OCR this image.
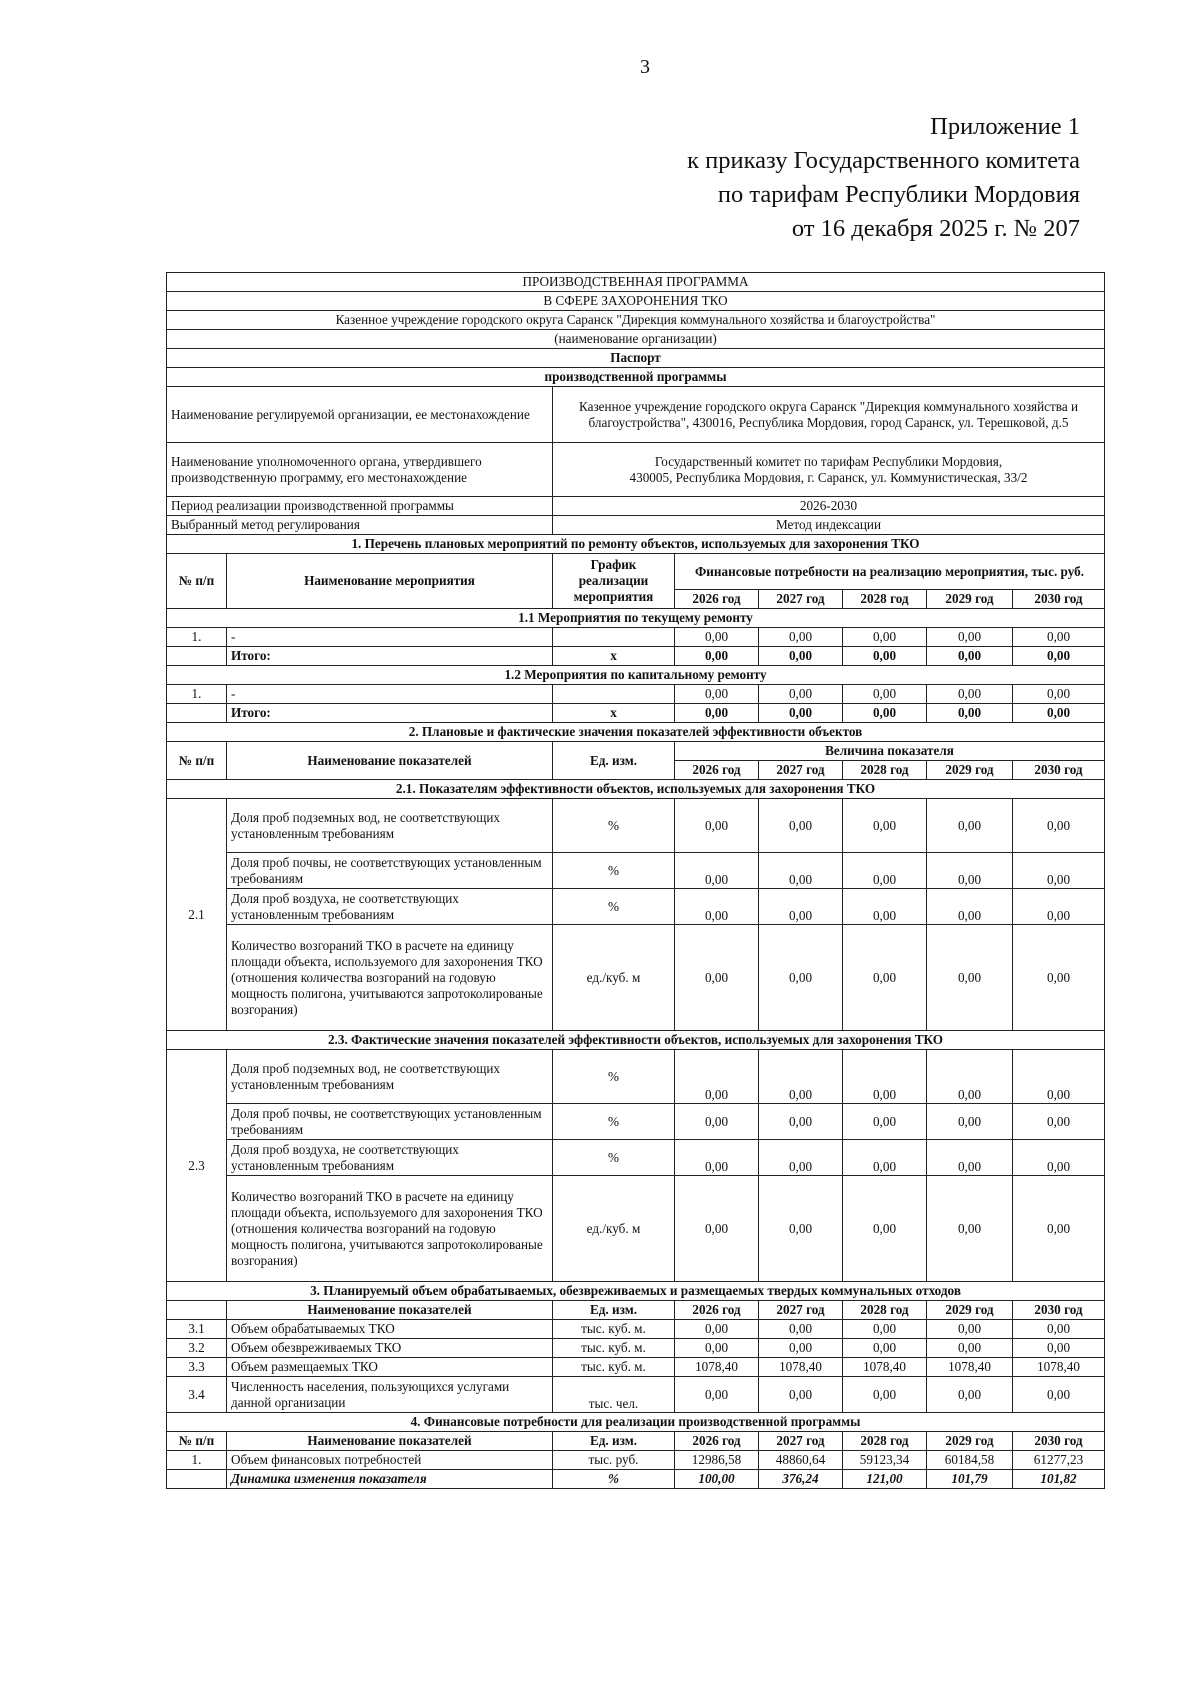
3
Приложение 1
к приказу Государственного комитета
по тарифам Республики Мордовия
от 16 декабря 2025 г. № 207
ПРОИЗВОДСТВЕННАЯ ПРОГРАММА							
В СФЕРЕ ЗАХОРОНЕНИЯ ТКО							
Казенное учреждение городского округа Саранск "Дирекция коммунального хозяйства и благоустройства"							
(наименование организации)							
Паспорт							
производственной программы							
Наименование регулируемой организации, ее местонахождение		Казенное учреждение городского округа Саранск "Дирекция коммунального хозяйства и благоустройства", 430016, Республика Мордовия, город Саранск, ул. Терешковой, д.5					
Наименование уполномоченного органа, утвердившего производственную программу, его местонахождение		Государственный комитет по тарифам Республики Мордовия,
430005, Республика Мордовия, г. Саранск, ул. Коммунистическая, 33/2					
Период реализации производственной программы		2026-2030					
Выбранный метод регулирования		Метод индексации					
1. Перечень плановых мероприятий по ремонту объектов, используемых для захоронения ТКО							
№ п/п	Наименование мероприятия	График реализации мероприятия	Финансовые потребности на реализацию мероприятия, тыс. руб.				
			2026 год	2027 год	2028 год	2029 год	2030 год
1.1 Мероприятия по текущему ремонту							
1.	-		0,00	0,00	0,00	0,00	0,00
	Итого:	х	0,00	0,00	0,00	0,00	0,00
1.2 Мероприятия по капитальному ремонту							
1.	-		0,00	0,00	0,00	0,00	0,00
	Итого:	х	0,00	0,00	0,00	0,00	0,00
2. Плановые и фактические значения показателей эффективности объектов							
№ п/п	Наименование показателей	Ед. изм.	Величина показателя				
			2026 год	2027 год	2028 год	2029 год	2030 год
2.1. Показателям эффективности объектов, используемых для захоронения ТКО							
2.1	Доля проб подземных вод, не соответствующих установленным требованиям	%	0,00	0,00	0,00	0,00	0,00
	Доля проб почвы, не соответствующих установленным требованиям	%	0,00	0,00	0,00	0,00	0,00
	Доля проб воздуха, не соответствующих установленным требованиям	%	0,00	0,00	0,00	0,00	0,00
	Количество возгораний ТКО в расчете на единицу площади объекта, используемого для захоронения ТКО (отношения количества возгораний на годовую мощность полигона, учитываются запротоколированые возгорания)	ед./куб. м	0,00	0,00	0,00	0,00	0,00
2.3. Фактические значения показателей эффективности объектов, используемых для захоронения ТКО							
2.3	Доля проб подземных вод, не соответствующих установленным требованиям	%	0,00	0,00	0,00	0,00	0,00
	Доля проб почвы, не соответствующих установленным требованиям	%	0,00	0,00	0,00	0,00	0,00
	Доля проб воздуха, не соответствующих установленным требованиям	%	0,00	0,00	0,00	0,00	0,00
	Количество возгораний ТКО в расчете на единицу площади объекта, используемого для захоронения ТКО (отношения количества возгораний на годовую мощность полигона, учитываются запротоколированые возгорания)	ед./куб. м	0,00	0,00	0,00	0,00	0,00
3. Планируемый объем обрабатываемых, обезвреживаемых и размещаемых твердых коммунальных отходов							
	Наименование показателей	Ед. изм.	2026 год	2027 год	2028 год	2029 год	2030 год
3.1	Объем обрабатываемых ТКО	тыс. куб. м.	0,00	0,00	0,00	0,00	0,00
3.2	Объем обезвреживаемых ТКО	тыс. куб. м.	0,00	0,00	0,00	0,00	0,00
3.3	Объем размещаемых ТКО	тыс. куб. м.	1078,40	1078,40	1078,40	1078,40	1078,40
3.4	Численность населения, пользующихся услугами данной организации	тыс. чел.	0,00	0,00	0,00	0,00	0,00
4. Финансовые потребности для реализации производственной программы							
№ п/п	Наименование показателей	Ед. изм.	2026 год	2027 год	2028 год	2029 год	2030 год
1.	Объем финансовых потребностей	тыс. руб.	12986,58	48860,64	59123,34	60184,58	61277,23
	Динамика изменения показателя	%	100,00	376,24	121,00	101,79	101,82
